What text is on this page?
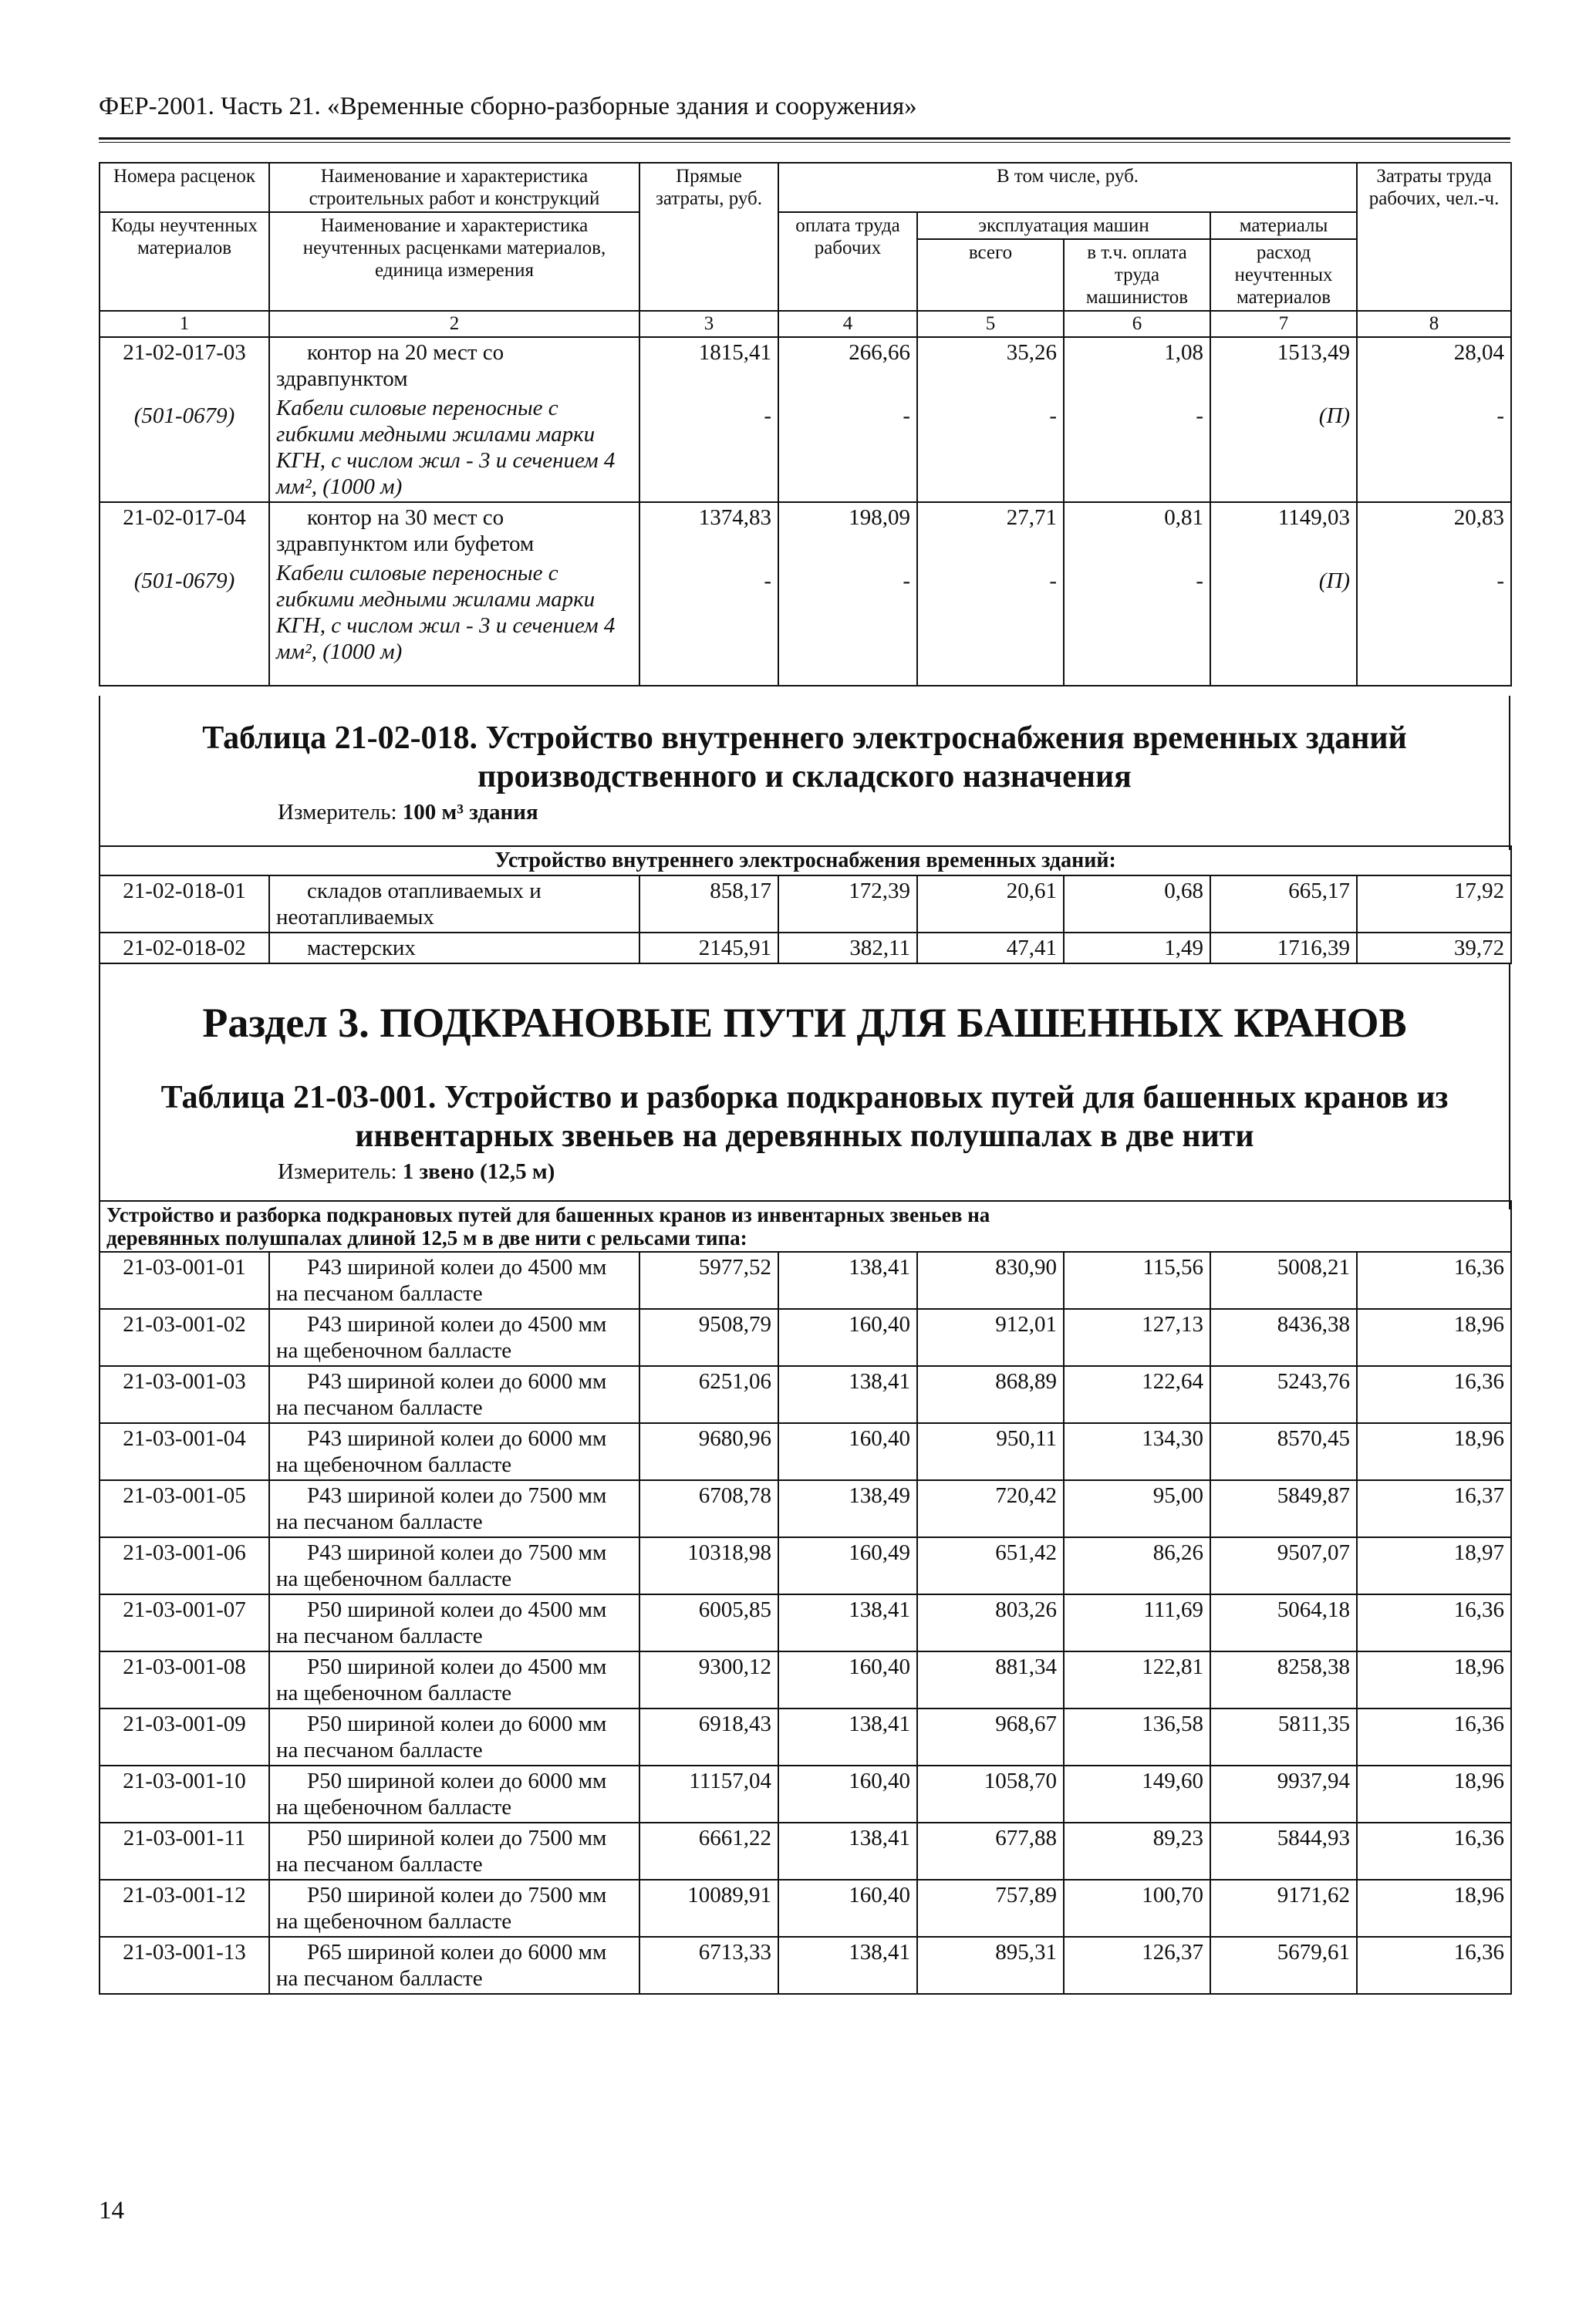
ФЕР-2001. Часть 21. «Временные сборно-разборные здания и сооружения»
Номера расценок	Наименование и характеристика строительных работ и конструкций	Прямые затраты, руб.	В том числе, руб.				Затраты труда рабочих, чел.-ч.
Коды неучтенных материалов	Наименование и характеристика неучтенных расценками материалов, единица измерения		оплата труда рабочих	эксплуатация машин		материалы	
				всего	в т.ч. оплата труда машинистов	расход неучтенных материалов	
1	2	3	4	5	6	7	8
21-02-017-03	контор на 20 мест со здравпунктом	1815,41	266,66	35,26	1,08	1513,49	28,04
(501-0679)	Кабели силовые переносные с гибкими медными жилами марки КГН, с числом жил - 3 и сечением 4 мм², (1000 м)	-	-	-	-	(П)	-
21-02-017-04	контор на 30 мест со здравпунктом или буфетом	1374,83	198,09	27,71	0,81	1149,03	20,83
(501-0679)	Кабели силовые переносные с гибкими медными жилами марки КГН, с числом жил - 3 и сечением 4 мм², (1000 м)	-	-	-	-	(П)	-
Таблица 21-02-018. Устройство внутреннего электроснабжения временных зданий производственного и складского назначения
Измеритель: 100 м³ здания
Устройство внутреннего электроснабжения временных зданий:							
21-02-018-01	складов отапливаемых и неотапливаемых	858,17	172,39	20,61	0,68	665,17	17,92
21-02-018-02	мастерских	2145,91	382,11	47,41	1,49	1716,39	39,72
Раздел 3. ПОДКРАНОВЫЕ ПУТИ ДЛЯ БАШЕННЫХ КРАНОВ
Таблица 21-03-001. Устройство и разборка подкрановых путей для башенных кранов из инвентарных звеньев на деревянных полушпалах в две нити
Измеритель: 1 звено (12,5 м)
Устройство и разборка подкрановых путей для башенных кранов из инвентарных звеньев на
деревянных полушпалах длиной 12,5 м в две нити с рельсами типа:							

21-03-001-01	Р43 шириной колеи до 4500 мм на песчаном балласте	5977,52	138,41	830,90	115,56	5008,21	16,36
21-03-001-02	Р43 шириной колеи до 4500 мм на щебеночном балласте	9508,79	160,40	912,01	127,13	8436,38	18,96
21-03-001-03	Р43 шириной колеи до 6000 мм на песчаном балласте	6251,06	138,41	868,89	122,64	5243,76	16,36
21-03-001-04	Р43 шириной колеи до 6000 мм на щебеночном балласте	9680,96	160,40	950,11	134,30	8570,45	18,96
21-03-001-05	Р43 шириной колеи до 7500 мм на песчаном балласте	6708,78	138,49	720,42	95,00	5849,87	16,37
21-03-001-06	Р43 шириной колеи до 7500 мм на щебеночном балласте	10318,98	160,49	651,42	86,26	9507,07	18,97
21-03-001-07	Р50 шириной колеи до 4500 мм на песчаном балласте	6005,85	138,41	803,26	111,69	5064,18	16,36
21-03-001-08	Р50 шириной колеи до 4500 мм на щебеночном балласте	9300,12	160,40	881,34	122,81	8258,38	18,96
21-03-001-09	Р50 шириной колеи до 6000 мм на песчаном балласте	6918,43	138,41	968,67	136,58	5811,35	16,36
21-03-001-10	Р50 шириной колеи до 6000 мм на щебеночном балласте	11157,04	160,40	1058,70	149,60	9937,94	18,96
21-03-001-11	Р50 шириной колеи до 7500 мм на песчаном балласте	6661,22	138,41	677,88	89,23	5844,93	16,36
21-03-001-12	Р50 шириной колеи до 7500 мм на щебеночном балласте	10089,91	160,40	757,89	100,70	9171,62	18,96
21-03-001-13	Р65 шириной колеи до 6000 мм на песчаном балласте	6713,33	138,41	895,31	126,37	5679,61	16,36
14
